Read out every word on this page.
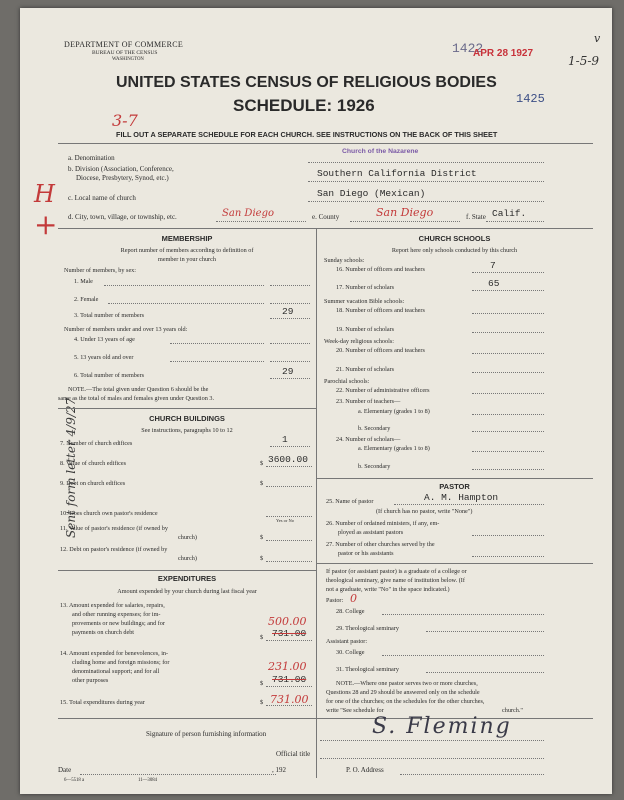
DEPARTMENT OF COMMERCE
BUREAU OF THE CENSUS
WASHINGTON
UNITED STATES CENSUS OF RELIGIOUS BODIES
SCHEDULE: 1926
1422
APR 28 1927
1425
1-5-9
v
3-7
FILL OUT A SEPARATE SCHEDULE FOR EACH CHURCH. SEE INSTRUCTIONS ON THE BACK OF THIS SHEET
a. Denomination
Church of the Nazarene
b. Division (Association, Conference,
Diocese, Presbytery, Synod, etc.)	Southern California District
c. Local name of church	San Diego (Mexican)
d. City, town, village, or township, etc.	San Diego	e. County	San Diego	f. State Calif.
+
H
Sent form letter 4/9/27
MEMBERSHIP
Report number of members according to definition of
member in your church
Number of members, by sex:
1. Male
2. Female
3. Total number of members	29
Number of members under and over 13 years old:
4. Under 13 years of age
5. 13 years old and over
6. Total number of members	29
NOTE.—The total given under Question 6 should be the
same as the total of males and females given under Question 3.
CHURCH BUILDINGS
See instructions, paragraphs 10 to 12
7. Number of church edifices	1
8. Value of church edifices	$ 3600.00
9. Debt on church edifices	$
10. Does church own pastor's residence
Yes or No
11. Value of pastor's residence (if owned by
church)	$
12. Debt on pastor's residence (if owned by
church)	$
EXPENDITURES
Amount expended by your church during last fiscal year
13. Amount expended for salaries, repairs,
and other running expenses; for im-
provements or new buildings; and for
payments on church debt
500.00
$ 731.00
14. Amount expended for benevolences, in-
cluding home and foreign missions; for
denominational support; and for all
other purposes
231.00
$ 731.00
15. Total expenditures during year	$ 731.00
CHURCH SCHOOLS
Report here only schools conducted by this church
Sunday schools:
16. Number of officers and teachers	7
17. Number of scholars	65
Summer vacation Bible schools:
18. Number of officers and teachers
19. Number of scholars
Week-day religious schools:
20. Number of officers and teachers
21. Number of scholars
Parochial schools:
22. Number of administrative officers
23. Number of teachers—
a. Elementary (grades 1 to 8)
b. Secondary
24. Number of scholars—
a. Elementary (grades 1 to 8)
b. Secondary
PASTOR
25. Name of pastor	A. M. Hampton
(If church has no pastor, write "None")
26. Number of ordained ministers, if any, em-
ployed as assistant pastors
27. Number of other churches served by the
pastor or his assistants
If pastor (or assistant pastor) is a graduate of a college or
theological seminary, give name of institution below. (If
not a graduate, write "No" in the space indicated.)
Pastor: 0
28. College
29. Theological seminary
Assistant pastor:
30. College
31. Theological seminary
NOTE.—Where one pastor serves two or more churches,
Questions 28 and 29 should be answered only on the schedule
for one of the churches; on the schedules for the other churches,
write "See schedule for	church."
Signature of person furnishing information	S. Fleming
Official title
Date	, 192	P. O. Address
6—5518 a	11—3084
